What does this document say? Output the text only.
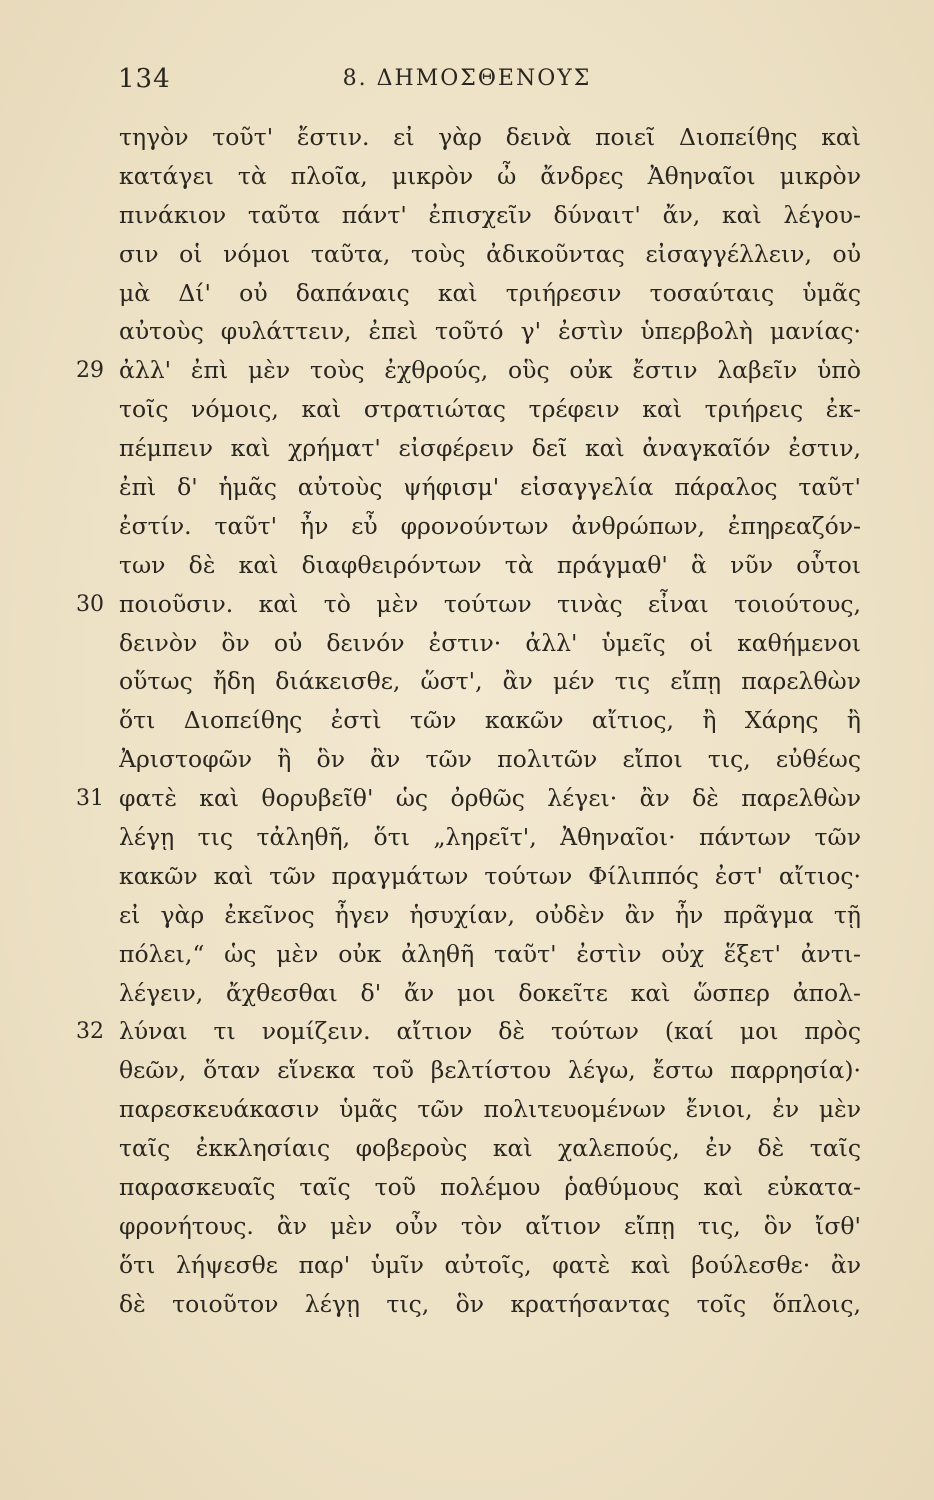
134	8. ΔΗΜΟΣΘΕΝΟΥΣ
τηγὸν τοῦτ' ἔστιν. εἰ γὰρ δεινὰ ποιεῖ Διοπείθης καὶ
κατάγει τὰ πλοῖα, μικρὸν ὦ ἄνδρες Ἀθηναῖοι μικρὸν
πινάκιον ταῦτα πάντ' ἐπισχεῖν δύναιτ' ἄν, καὶ λέγου-
σιν οἱ νόμοι ταῦτα, τοὺς ἀδικοῦντας εἰσαγγέλλειν, οὐ
μὰ Δί' οὐ δαπάναις καὶ τριήρεσιν τοσαύταις ὑμᾶς
αὐτοὺς φυλάττειν, ἐπεὶ τοῦτό γ' ἐστὶν ὑπερβολὴ μανίας·
29 ἀλλ' ἐπὶ μὲν τοὺς ἐχθρούς, οὓς οὐκ ἔστιν λαβεῖν ὑπὸ
τοῖς νόμοις, καὶ στρατιώτας τρέφειν καὶ τριήρεις ἐκ-
πέμπειν καὶ χρήματ' εἰσφέρειν δεῖ καὶ ἀναγκαῖόν ἐστιν,
ἐπὶ δ' ἡμᾶς αὐτοὺς ψήφισμ' εἰσαγγελία πάραλος ταῦτ'
ἐστίν. ταῦτ' ἦν εὖ φρονούντων ἀνθρώπων, ἐπηρεαζόν-
των δὲ καὶ διαφθειρόντων τὰ πράγμαθ' ἃ νῦν οὗτοι
30 ποιοῦσιν. καὶ τὸ μὲν τούτων τινὰς εἶναι τοιούτους,
δεινὸν ὂν οὐ δεινόν ἐστιν· ἀλλ' ὑμεῖς οἱ καθήμενοι
οὕτως ἤδη διάκεισθε, ὥστ', ἂν μέν τις εἴπῃ παρελθὼν
ὅτι Διοπείθης ἐστὶ τῶν κακῶν αἴτιος, ἢ Χάρης ἢ
Ἀριστοφῶν ἢ ὃν ἂν τῶν πολιτῶν εἴποι τις, εὐθέως
31 φατὲ καὶ θορυβεῖθ' ὡς ὀρθῶς λέγει· ἂν δὲ παρελθὼν
λέγῃ τις τἀληθῆ, ὅτι „ληρεῖτ', Ἀθηναῖοι· πάντων τῶν
κακῶν καὶ τῶν πραγμάτων τούτων Φίλιππός ἐστ' αἴτιος·
εἰ γὰρ ἐκεῖνος ἦγεν ἡσυχίαν, οὐδὲν ἂν ἦν πρᾶγμα τῇ
πόλει,“ ὡς μὲν οὐκ ἀληθῆ ταῦτ' ἐστὶν οὐχ ἕξετ' ἀντι-
λέγειν, ἄχθεσθαι δ' ἄν μοι δοκεῖτε καὶ ὥσπερ ἀπολ-
32 λύναι τι νομίζειν. αἴτιον δὲ τούτων (καί μοι πρὸς
θεῶν, ὅταν εἵνεκα τοῦ βελτίστου λέγω, ἔστω παρρησία)·
παρεσκευάκασιν ὑμᾶς τῶν πολιτευομένων ἔνιοι, ἐν μὲν
ταῖς ἐκκλησίαις φοβεροὺς καὶ χαλεπούς, ἐν δὲ ταῖς
παρασκευαῖς ταῖς τοῦ πολέμου ῥαθύμους καὶ εὐκατα-
φρονήτους. ἂν μὲν οὖν τὸν αἴτιον εἴπῃ τις, ὃν ἴσθ'
ὅτι λήψεσθε παρ' ὑμῖν αὐτοῖς, φατὲ καὶ βούλεσθε· ἂν
δὲ τοιοῦτον λέγῃ τις, ὃν κρατήσαντας τοῖς ὅπλοις,
